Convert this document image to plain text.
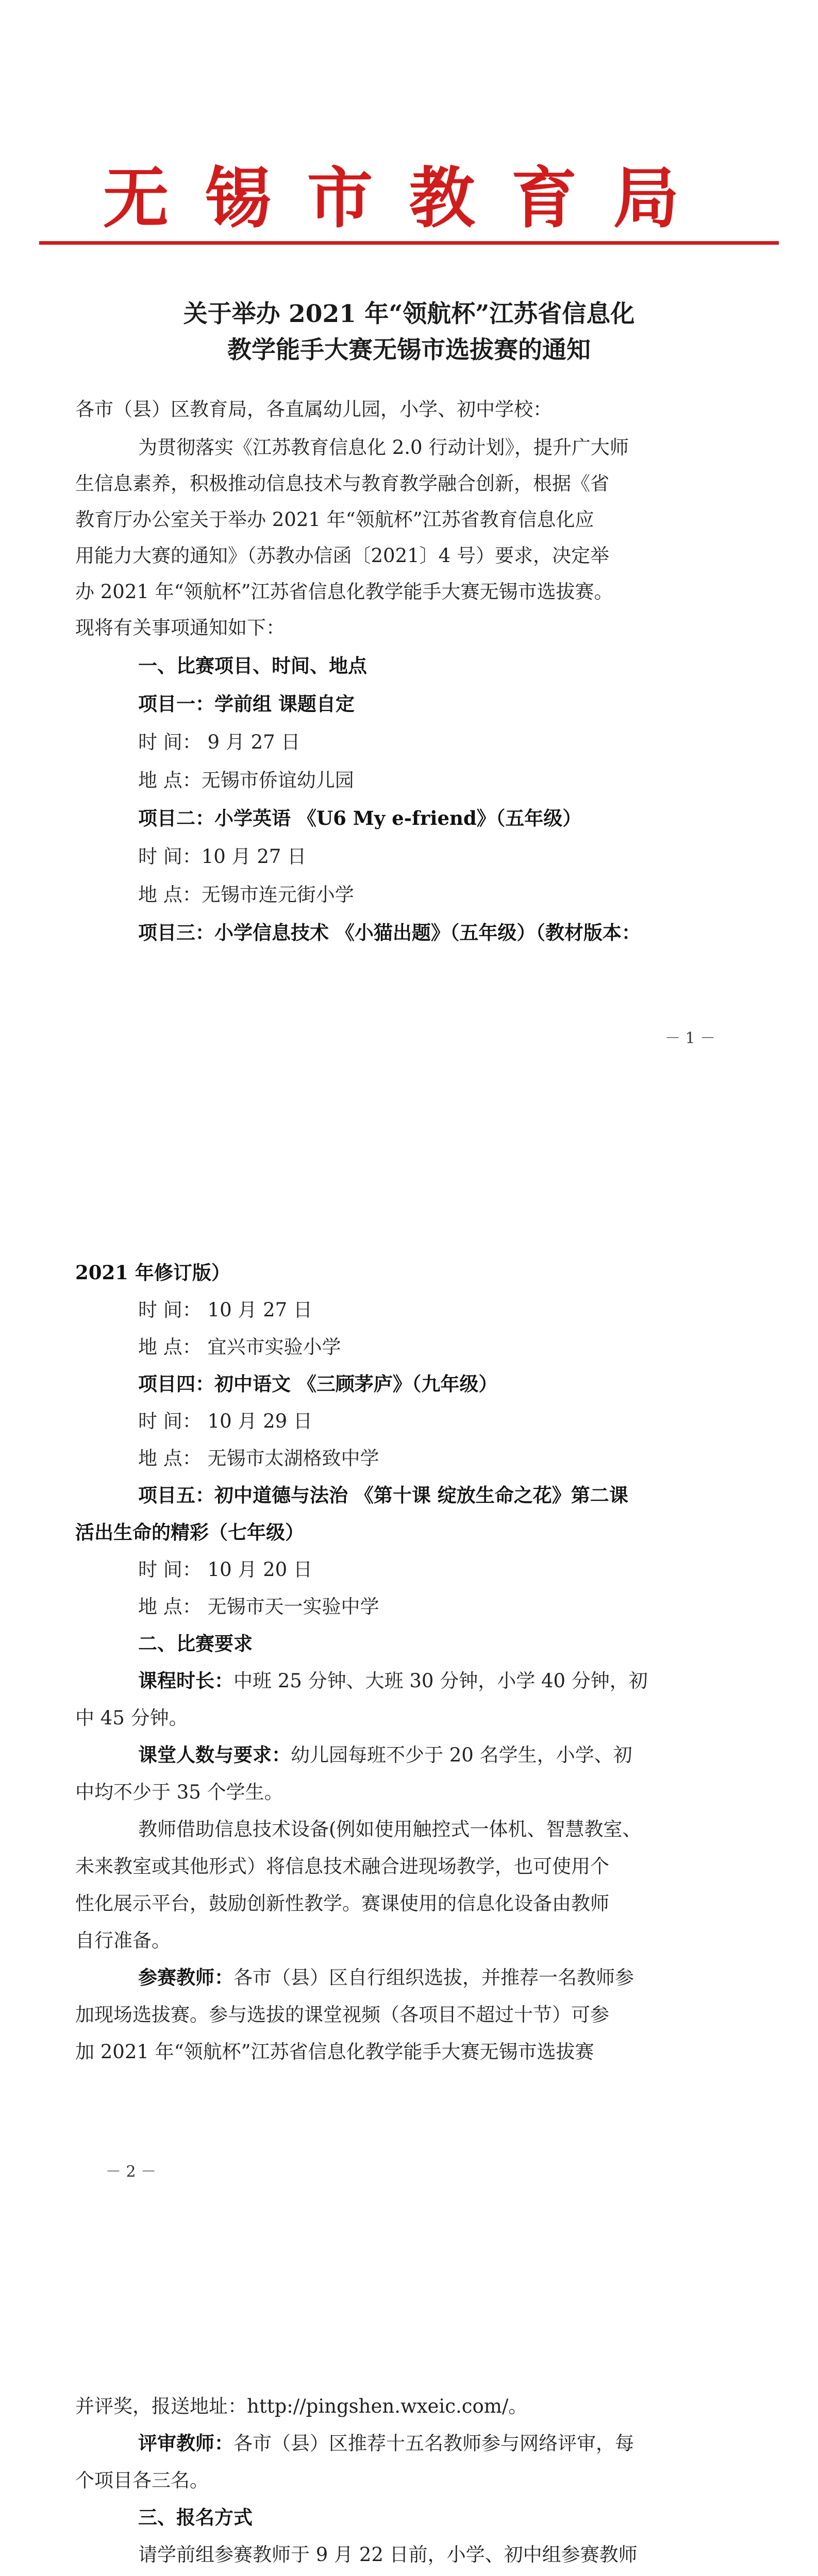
无锡市教育局
关于举办 2021 年“领航杯”江苏省信息化
教学能手大赛无锡市选拔赛的通知
各市（县）区教育局，各直属幼儿园，小学、初中学校：
为贯彻落实《江苏教育信息化 2.0 行动计划》，提升广大师
生信息素养，积极推动信息技术与教育教学融合创新，根据《省
教育厅办公室关于举办 2021 年“领航杯”江苏省教育信息化应
用能力大赛的通知》（苏教办信函〔2021〕4 号）要求，决定举
办 2021 年“领航杯”江苏省信息化教学能手大赛无锡市选拔赛。
现将有关事项通知如下：
一、比赛项目、时间、地点
项目一：学前组 课题自定
时 间： 9 月 27 日
地 点：无锡市侨谊幼儿园
项目二：小学英语 《U6 My e-friend》（五年级）
时 间：10 月 27 日
地 点：无锡市连元街小学
项目三：小学信息技术 《小猫出题》（五年级）（教材版本：
－ 1 －
2021 年修订版）
时 间： 10 月 27 日
地 点： 宜兴市实验小学
项目四：初中语文 《三顾茅庐》（九年级）
时 间： 10 月 29 日
地 点： 无锡市太湖格致中学
项目五：初中道德与法治 《第十课 绽放生命之花》第二课
活出生命的精彩（七年级）
时 间： 10 月 20 日
地 点： 无锡市天一实验中学
二、比赛要求
课程时长：中班 25 分钟、大班 30 分钟，小学 40 分钟，初
中 45 分钟。
课堂人数与要求：幼儿园每班不少于 20 名学生，小学、初
中均不少于 35 个学生。
教师借助信息技术设备(例如使用触控式一体机、智慧教室、
未来教室或其他形式）将信息技术融合进现场教学，也可使用个
性化展示平台，鼓励创新性教学。赛课使用的信息化设备由教师
自行准备。
参赛教师：各市（县）区自行组织选拔，并推荐一名教师参
加现场选拔赛。参与选拔的课堂视频（各项目不超过十节）可参
加 2021 年“领航杯”江苏省信息化教学能手大赛无锡市选拔赛
－ 2 －
并评奖，报送地址：http://pingshen.wxeic.com/。
评审教师：各市（县）区推荐十五名教师参与网络评审，每
个项目各三名。
三、报名方式
请学前组参赛教师于 9 月 22 日前，小学、初中组参赛教师
